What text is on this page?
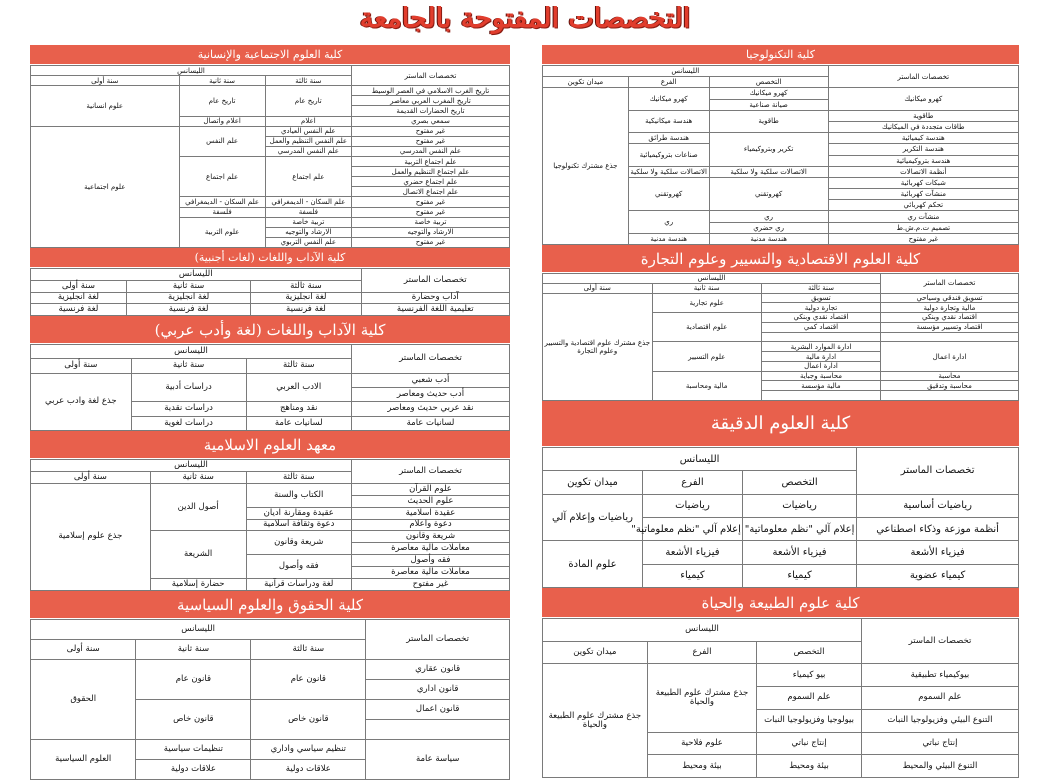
التخصصات المفتوحة بالجامعة
كلية العلوم الاجتماعية والإنسانية
تخصصات الماستر	الليسانس		
	سنة ثالثة	سنة ثانية	سنة أولى
تاريخ الغرب الاسلامي في العصر الوسيط	تاريخ عام	تاريخ عام	علوم انسانية
تاريخ المغرب العربي معاصر			
تاريخ الحضارات القديمة			
سمعي بصري	اعلام	اعلام واتصال	
غير مفتوح	علم النفس العيادي	علم النفس	علوم اجتماعية
غير مفتوح	علم النفس التنظيم والعمل		
علم النفس المدرسي	علم النفس المدرسي		
علم اجتماع التربية	علم اجتماع	علم اجتماع	
علم اجتماع التنظيم والعمل			
علم اجتماع حضري			
علم اجتماع الاتصال			
غير مفتوح	علم السكان - الديمغرافي	علم السكان - الديمغرافي	
غير مفتوح	فلسفة	فلسفة	
تربية خاصة	تربية خاصة	علوم التربية	
الارشاد والتوجيه	الارشاد والتوجيه		
غير مفتوح	علم النفس التربوي		
كلية الآداب واللغات (لغات أجنبية)
تخصصات الماستر	الليسانس		
	سنة ثالثة	سنة ثانية	سنة أولى
آداب وحضارة	لغة انجليزية	لغة انجليزية	لغة انجليزية
تعليمية اللغة الفرنسية	لغة فرنسية	لغة فرنسية	لغة فرنسية
كلية الآداب واللغات (لغة وأدب عربي)
تخصصات الماستر	الليسانس		
	سنة ثالثة	سنة ثانية	سنة أولى
أدب شعبي	الادب العربي	دراسات أدبية	جذع لغة وادب عربي
أدب حديث ومعاصر			
نقد عربي حديث ومعاصر	نقد ومناهج	دراسات نقدية	
لسانيات عامة	لسانيات عامة	دراسات لغوية	
معهد العلوم الاسلامية
تخصصات الماستر	الليسانس		
	سنة ثالثة	سنة ثانية	سنة أولى
علوم القرآن	الكتاب والسنة	أصول الدين	جذع علوم إسلامية
علوم الحديث			
عقيدة اسلامية	عقيدة ومقارنة اديان		
دعوة واعلام	دعوة وثقافة اسلامية		
شريعة وقانون	شريعة وقانون	الشريعة	
معاملات مالية معاصرة			
فقه وأصول	فقه وأصول		
معاملات مالية معاصرة			
غير مفتوح	لغة ودراسات قرآنية	حضارة إسلامية	
كلية الحقوق والعلوم السياسية
تخصصات الماستر	الليسانس		
	سنة ثالثة	سنة ثانية	سنة أولى
قانون عقاري	قانون عام	قانون عام	الحقوق
قانون اداري			
قانون اعمال	قانون خاص	قانون خاص	

سياسة عامة	تنظيم سياسي واداري	تنظيمات سياسية	العلوم السياسية
	علاقات دولية	علاقات دولية	
كلية التكنولوجيا
تخصصات الماستر	الليسانس		
	التخصص	الفرع	ميدان تكوين
كهرو ميكانيك	كهرو ميكانيك	كهرو ميكانيك	جذع مشترك تكنولوجيا
	صيانة صناعية		
طاقوية	طاقوية	هندسة ميكانيكية	
طاقات متجددة في الميكانيك			
هندسة كيميائية	تكرير وبتروكيمياء	هندسة طرائق	
هندسة التكرير		صناعات بتروكيميائية	
هندسة بتروكيميائية			
أنظمة الاتصالات	الاتصالات سلكية ولا سلكية	الاتصالات سلكية ولا سلكية	
شبكات كهربائية	كهروتقني	كهروتقني	
منشآت كهربائية			
تحكم كهربائي			
منشآت ري	ري	ري	
تصميم ت.م.ش.ط	ري حضري		
غير مفتوح	هندسة مدنية	هندسة مدنية	
كلية العلوم الاقتصادية والتسيير وعلوم التجارة
تخصصات الماستر	الليسانس		
	سنة ثالثة	سنة ثانية	سنة أولى
تسويق فندقي وسياحي	تسويق	علوم تجارية	جذع مشترك علوم اقتصادية والتسيير وعلوم التجارة
مالية وتجارة دولية	تجارة دولية		
اقتصاد نقدي وبنكي	اقتصاد نقدي وبنكي	علوم اقتصادية	
اقتصاد وتسيير مؤسسة	اقتصاد كمي		

ادارة اعمال	ادارة الموارد البشرية	علوم التسيير	
	ادارة مالية		
	ادارة اعمال		
محاسبة	محاسبة وجباية	مالية ومحاسبة	
محاسبة وتدقيق	مالية مؤسسة		

كلية العلوم الدقيقة
تخصصات الماستر	الليسانس		
	التخصص	الفرع	ميدان تكوين
رياضيات أساسية	رياضيات	رياضيات	رياضيات وإعلام آلي
أنظمة موزعة وذكاء اصطناعي	إعلام آلي "نظم معلوماتية"	إعلام آلي "نظم معلوماتية"	
فيزياء الأشعة	فيزياء الأشعة	فيزياء الأشعة	علوم المادة
كيمياء عضوية	كيمياء	كيمياء	
كلية علوم الطبيعة والحياة
تخصصات الماستر	الليسانس		
	التخصص	الفرع	ميدان تكوين
بيوكيمياء تطبيقية	بيو كيمياء	جذع مشترك علوم الطبيعة والحياة	جذع مشترك علوم الطبيعة والحياة
علم السموم	علم السموم		
التنوع البيئي وفزيولوجيا النبات	بيولوجيا وفزيولوجيا النبات		
إنتاج نباتي	إنتاج نباتي	علوم فلاحية	

التنوع البيئي والمحيط	بيئة ومحيط	بيئة ومحيط	
